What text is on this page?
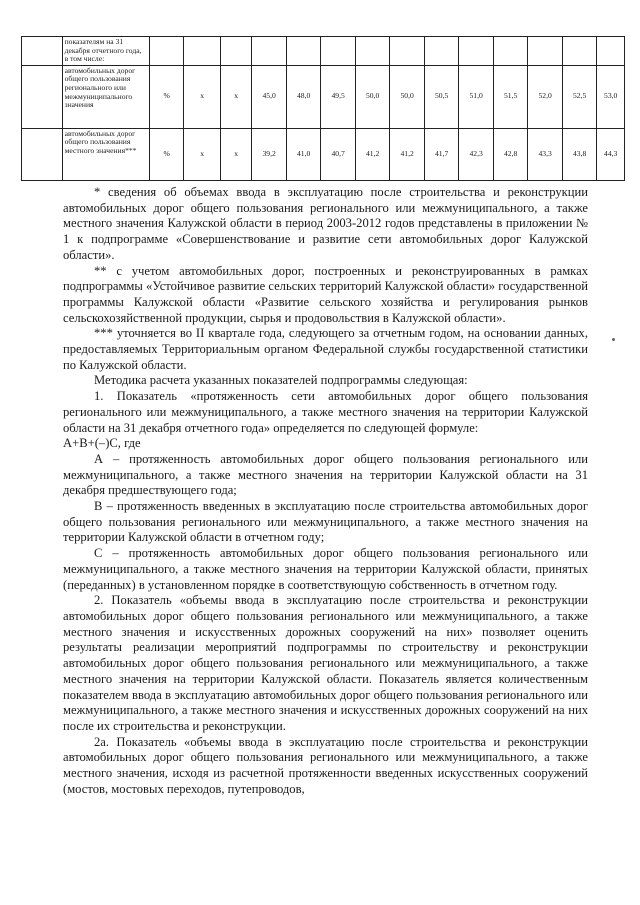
	показателям на 31 декабря отчетного года, в том числе:														
	автомобильных дорог общего пользования регионального или межмуниципального значения	%	х	х	45,0	48,0	49,5	50,0	50,0	50,5	51,0	51,5	52,0	52,5	53,0
	автомобильных дорог общего пользования местного значения***	%	х	х	39,2	41,0	40,7	41,2	41,2	41,7	42,3	42,8	43,3	43,8	44,3

* сведения об объемах ввода в эксплуатацию после строительства и реконструкции автомобильных дорог общего пользования регионального или межмуниципального, а также местного значения Калужской области в период 2003-2012 годов представлены в приложении № 1 к подпрограмме «Совершенствование и развитие сети автомобильных дорог Калужской области».

** с учетом автомобильных дорог, построенных и реконструированных в рамках подпрограммы «Устойчивое развитие сельских территорий Калужской области» государственной программы Калужской области «Развитие сельского хозяйства и регулирования рынков сельскохозяйственной продукции, сырья и продовольствия в Калужской области».

*** уточняется во II квартале года, следующего за отчетным годом, на основании данных, предоставляемых Территориальным органом Федеральной службы государственной статистики по Калужской области.

Методика расчета указанных показателей подпрограммы следующая:

1. Показатель «протяженность сети автомобильных дорог общего пользования регионального или межмуниципального, а также местного значения на территории Калужской области на 31 декабря отчетного года» определяется по следующей формуле:

А+В+(–)С, где

А – протяженность автомобильных дорог общего пользования регионального или межмуниципального, а также местного значения на территории Калужской области на 31 декабря предшествующего года;

В – протяженность введенных в эксплуатацию после строительства автомобильных дорог общего пользования регионального или межмуниципального, а также местного значения на территории Калужской области в отчетном году;

С – протяженность автомобильных дорог общего пользования регионального или межмуниципального, а также местного значения на территории Калужской области, принятых (переданных) в установленном порядке в соответствующую собственность в отчетном году.

2. Показатель «объемы ввода в эксплуатацию после строительства и реконструкции автомобильных дорог общего пользования регионального или межмуниципального, а также местного значения и искусственных дорожных сооружений на них» позволяет оценить результаты реализации мероприятий подпрограммы по строительству и реконструкции автомобильных дорог общего пользования регионального или межмуниципального, а также местного значения на территории Калужской области. Показатель является количественным показателем ввода в эксплуатацию автомобильных дорог общего пользования регионального или межмуниципального, а также местного значения и искусственных дорожных сооружений на них после их строительства и реконструкции.

2а. Показатель «объемы ввода в эксплуатацию после строительства и реконструкции автомобильных дорог общего пользования регионального или межмуниципального, а также местного значения, исходя из расчетной протяженности введенных искусственных сооружений (мостов, мостовых переходов, путепроводов,
